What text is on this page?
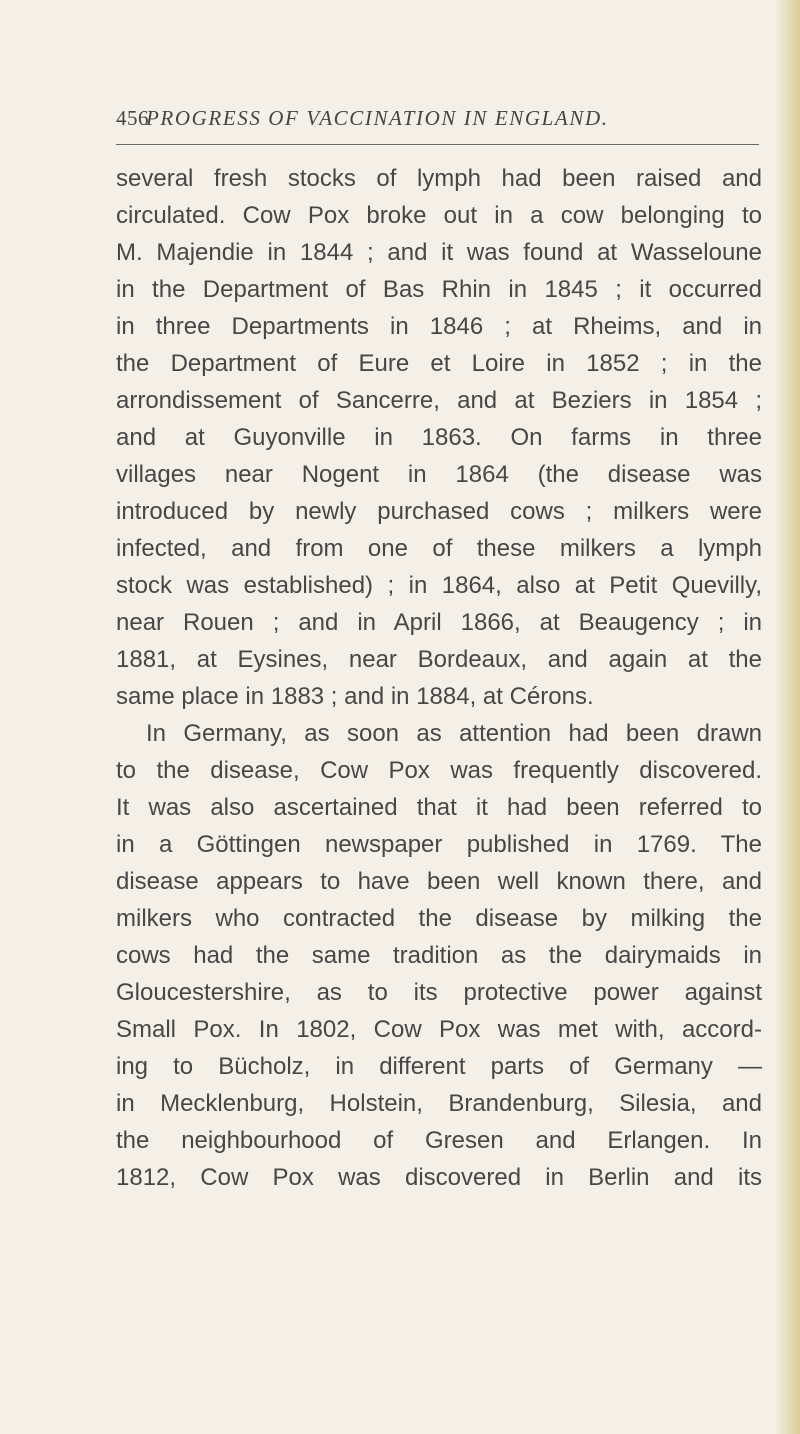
456
PROGRESS OF VACCINATION IN ENGLAND.
several fresh stocks of lymph had been raised and
circulated. Cow Pox broke out in a cow belonging to
M. Majendie in 1844 ; and it was found at Wasseloune
in the Department of Bas Rhin in 1845 ; it occurred
in three Departments in 1846 ; at Rheims, and in
the Department of Eure et Loire in 1852 ; in the
arrondissement of Sancerre, and at Beziers in 1854 ;
and at Guyonville in 1863. On farms in three
villages near Nogent in 1864 (the disease was
introduced by newly purchased cows ; milkers were
infected, and from one of these milkers a lymph
stock was established) ; in 1864, also at Petit Quevilly,
near Rouen ; and in April 1866, at Beaugency ; in
1881, at Eysines, near Bordeaux, and again at the
same place in 1883 ; and in 1884, at Cérons.
In Germany, as soon as attention had been drawn
to the disease, Cow Pox was frequently discovered.
It was also ascertained that it had been referred to
in a Göttingen newspaper published in 1769. The
disease appears to have been well known there, and
milkers who contracted the disease by milking the
cows had the same tradition as the dairymaids in
Gloucestershire, as to its protective power against
Small Pox. In 1802, Cow Pox was met with, accord-
ing to Bücholz, in different parts of Germany —
in Mecklenburg, Holstein, Brandenburg, Silesia, and
the neighbourhood of Gresen and Erlangen. In
1812, Cow Pox was discovered in Berlin and its
